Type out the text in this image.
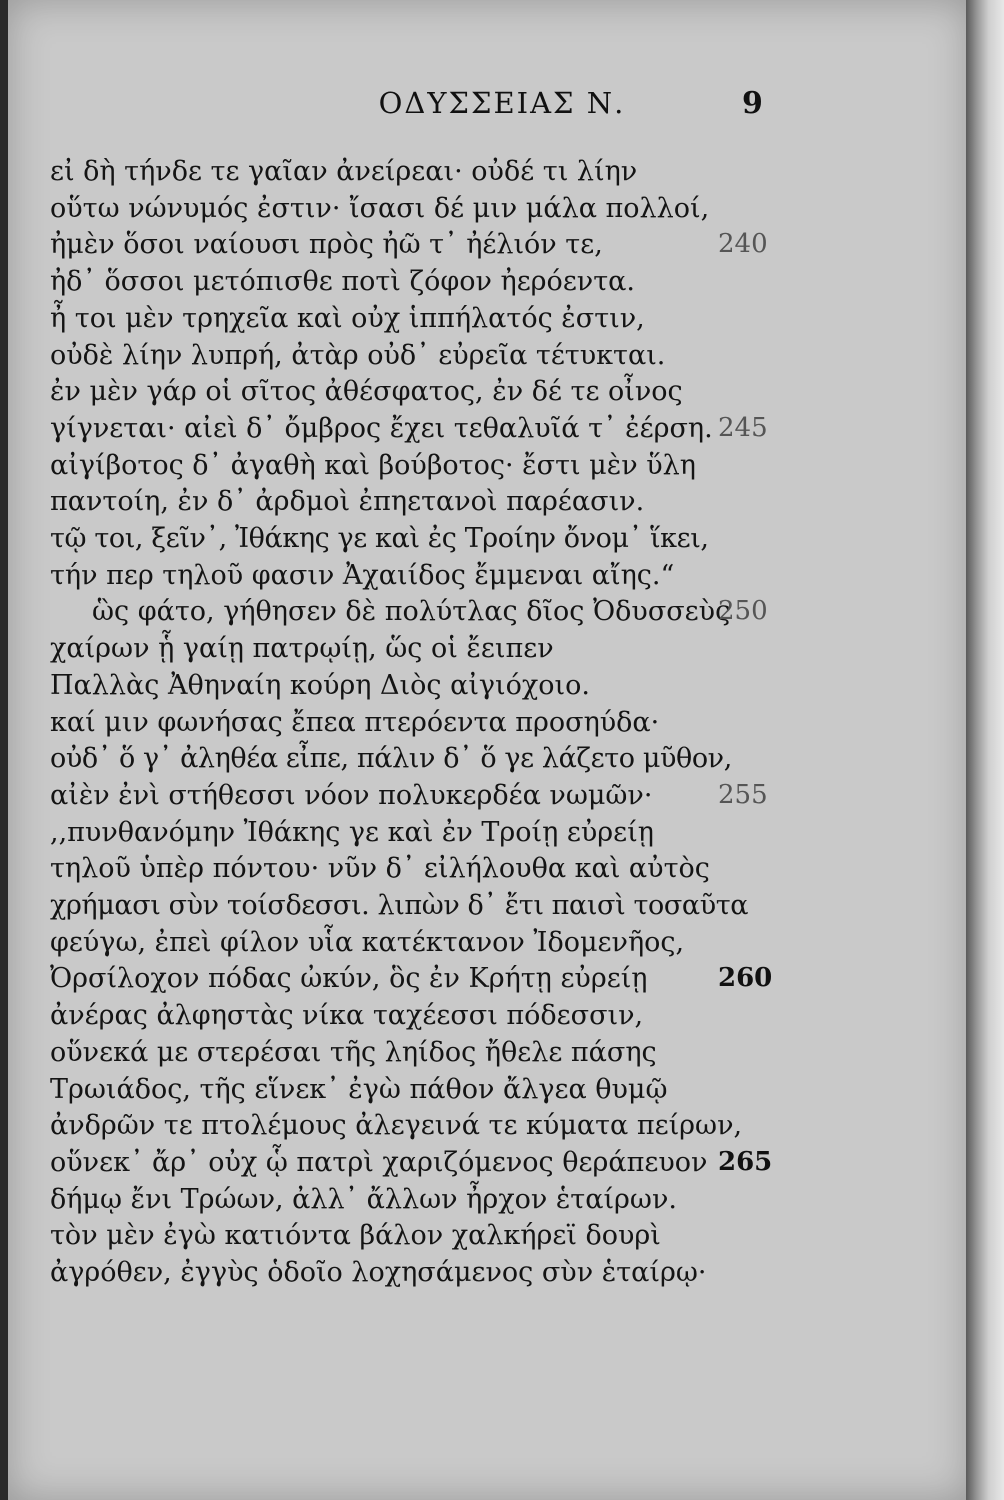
ΟΔΥΣΣΕΙΑΣ Ν.	9
εἰ δὴ τήνδε τε γαῖαν ἀνείρεαι· οὐδέ τι λίην
οὕτω νώνυμός ἐστιν· ἴσασι δέ μιν μάλα πολλοί,
ἠμὲν ὅσοι ναίουσι πρὸς ἠῶ τ᾽ ἠέλιόν τε,	240
ἠδ᾽ ὅσσοι μετόπισθε ποτὶ ζόφον ἠερόεντα.
ἦ τοι μὲν τρηχεῖα καὶ οὐχ ἱππήλατός ἐστιν,
οὐδὲ λίην λυπρή, ἀτὰρ οὐδ᾽ εὐρεῖα τέτυκται.
ἐν μὲν γάρ οἱ σῖτος ἀθέσφατος, ἐν δέ τε οἶνος
γίγνεται· αἰεὶ δ᾽ ὄμβρος ἔχει τεθαλυῖά τ᾽ ἐέρση. 245
αἰγίβοτος δ᾽ ἀγαθὴ καὶ βούβοτος· ἔστι μὲν ὕλη
παντοίη, ἐν δ᾽ ἀρδμοὶ ἐπηετανοὶ παρέασιν.
τῷ τοι, ξεῖν᾽, Ἰθάκης γε καὶ ἐς Τροίην ὄνομ᾽ ἵκει,
τήν περ τηλοῦ φασιν Ἀχαιίδος ἔμμεναι αἴης.“
ὣς φάτο, γήθησεν δὲ πολύτλας δῖος Ὀδυσσεὺς
250
χαίρων ᾗ γαίῃ πατρῳίῃ, ὥς οἱ ἔειπεν
Παλλὰς Ἀθηναίη κούρη Διὸς αἰγιόχοιο.
καί μιν φωνήσας ἔπεα πτερόεντα προσηύδα·
οὐδ᾽ ὅ γ᾽ ἀληθέα εἶπε, πάλιν δ᾽ ὅ γε λάζετο μῦθον,
αἰὲν ἐνὶ στήθεσσι νόον πολυκερδέα νωμῶν·	255
,,πυνθανόμην Ἰθάκης γε καὶ ἐν Τροίῃ εὐρείῃ
τηλοῦ ὑπὲρ πόντου· νῦν δ᾽ εἰλήλουθα καὶ αὐτὸς
χρήμασι σὺν τοίσδεσσι. λιπὼν δ᾽ ἔτι παισὶ τοσαῦτα
φεύγω, ἐπεὶ φίλον υἷα κατέκτανον Ἰδομενῆος,
Ὀρσίλοχον πόδας ὠκύν, ὃς ἐν Κρήτῃ εὐρείῃ	260
ἀνέρας ἀλφηστὰς νίκα ταχέεσσι πόδεσσιν,
οὕνεκά με στερέσαι τῆς ληίδος ἤθελε πάσης
Τρωιάδος, τῆς εἵνεκ᾽ ἐγὼ πάθον ἄλγεα θυμῷ
ἀνδρῶν τε πτολέμους ἀλεγεινά τε κύματα πείρων,
οὕνεκ᾽ ἄρ᾽ οὐχ ᾧ πατρὶ χαριζόμενος θεράπευον 265
δήμῳ ἔνι Τρώων, ἀλλ᾽ ἄλλων ἦρχον ἑταίρων.
τὸν μὲν ἐγὼ κατιόντα βάλον χαλκήρεϊ δουρὶ
ἀγρόθεν, ἐγγὺς ὁδοῖο λοχησάμενος σὺν ἑταίρῳ·
